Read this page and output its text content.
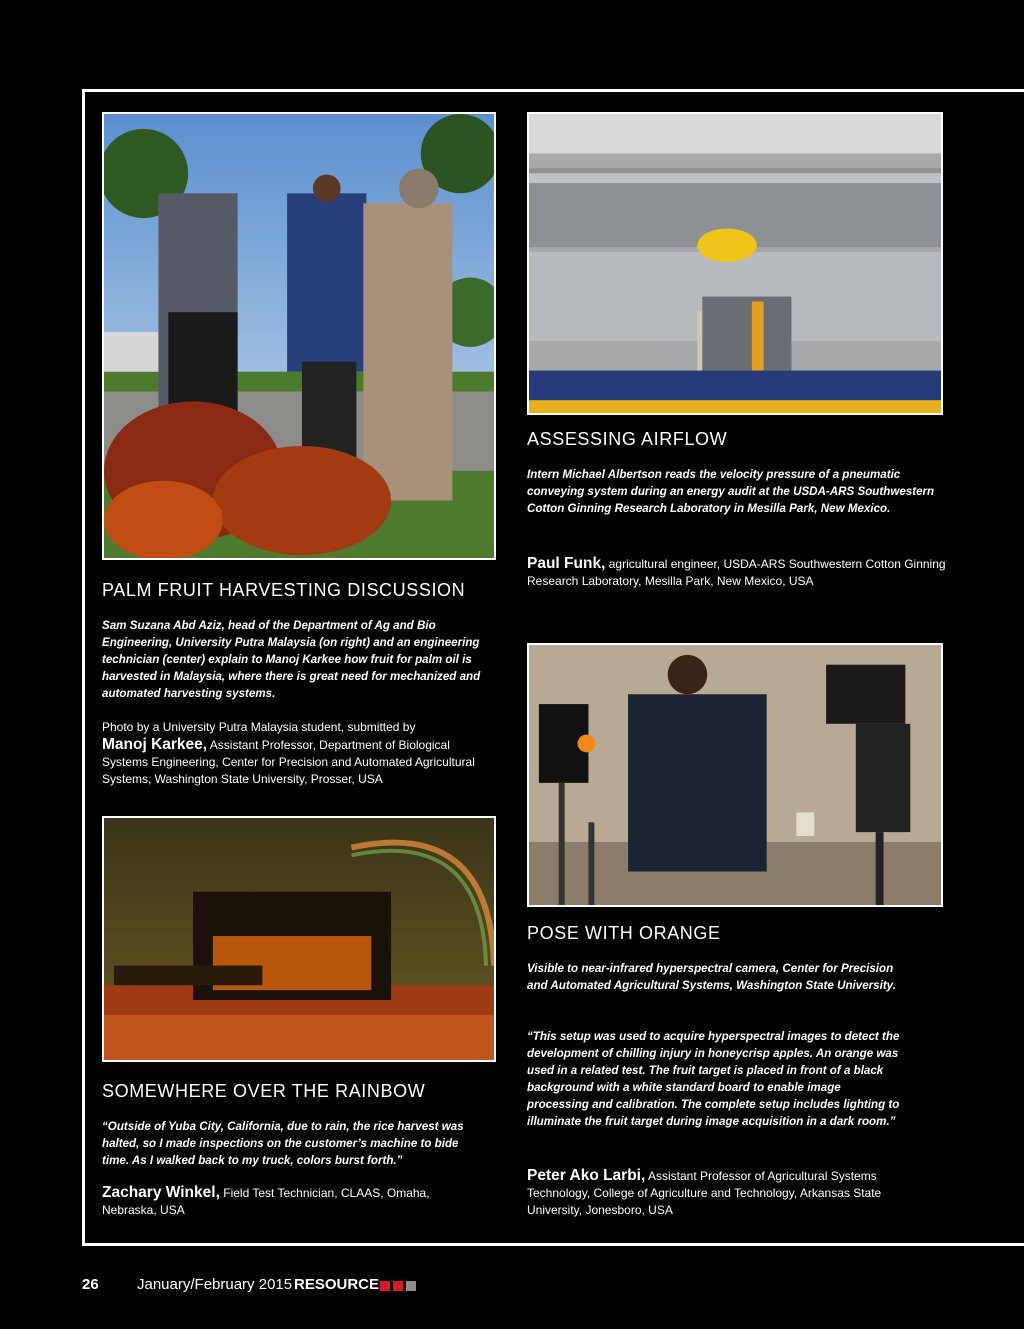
PALM FRUIT HARVESTING DISCUSSION
Sam Suzana Abd Aziz, head of the Department of Ag and Bio Engineering, University Putra Malaysia (on right) and an engineering technician (center) explain to Manoj Karkee how fruit for palm oil is harvested in Malaysia, where there is great need for mechanized and automated harvesting systems.
Photo by a University Putra Malaysia student, submitted by
Manoj Karkee, Assistant Professor, Department of Biological Systems Engineering, Center for Precision and Automated Agricultural Systems, Washington State University, Prosser, USA
ASSESSING AIRFLOW
Intern Michael Albertson reads the velocity pressure of a pneumatic conveying system during an energy audit at the USDA-ARS Southwestern Cotton Ginning Research Laboratory in Mesilla Park, New Mexico.
Paul Funk, agricultural engineer, USDA-ARS Southwestern Cotton Ginning Research Laboratory, Mesilla Park, New Mexico, USA
SOMEWHERE OVER THE RAINBOW
“Outside of Yuba City, California, due to rain, the rice harvest was halted, so I made inspections on the customer’s machine to bide time. As I walked back to my truck, colors burst forth.”
Zachary Winkel, Field Test Technician, CLAAS, Omaha, Nebraska, USA
POSE WITH ORANGE
Visible to near-infrared hyperspectral camera, Center for Precision and Automated Agricultural Systems, Washington State University.
“This setup was used to acquire hyperspectral images to detect the development of chilling injury in honeycrisp apples. An orange was used in a related test. The fruit target is placed in front of a black background with a white standard board to enable image processing and calibration. The complete setup includes lighting to illuminate the fruit target during image acquisition in a dark room.”
Peter Ako Larbi, Assistant Professor of Agricultural Systems Technology, College of Agriculture and Technology, Arkansas State University, Jonesboro, USA
26	January/February 2015 RESOURCE
